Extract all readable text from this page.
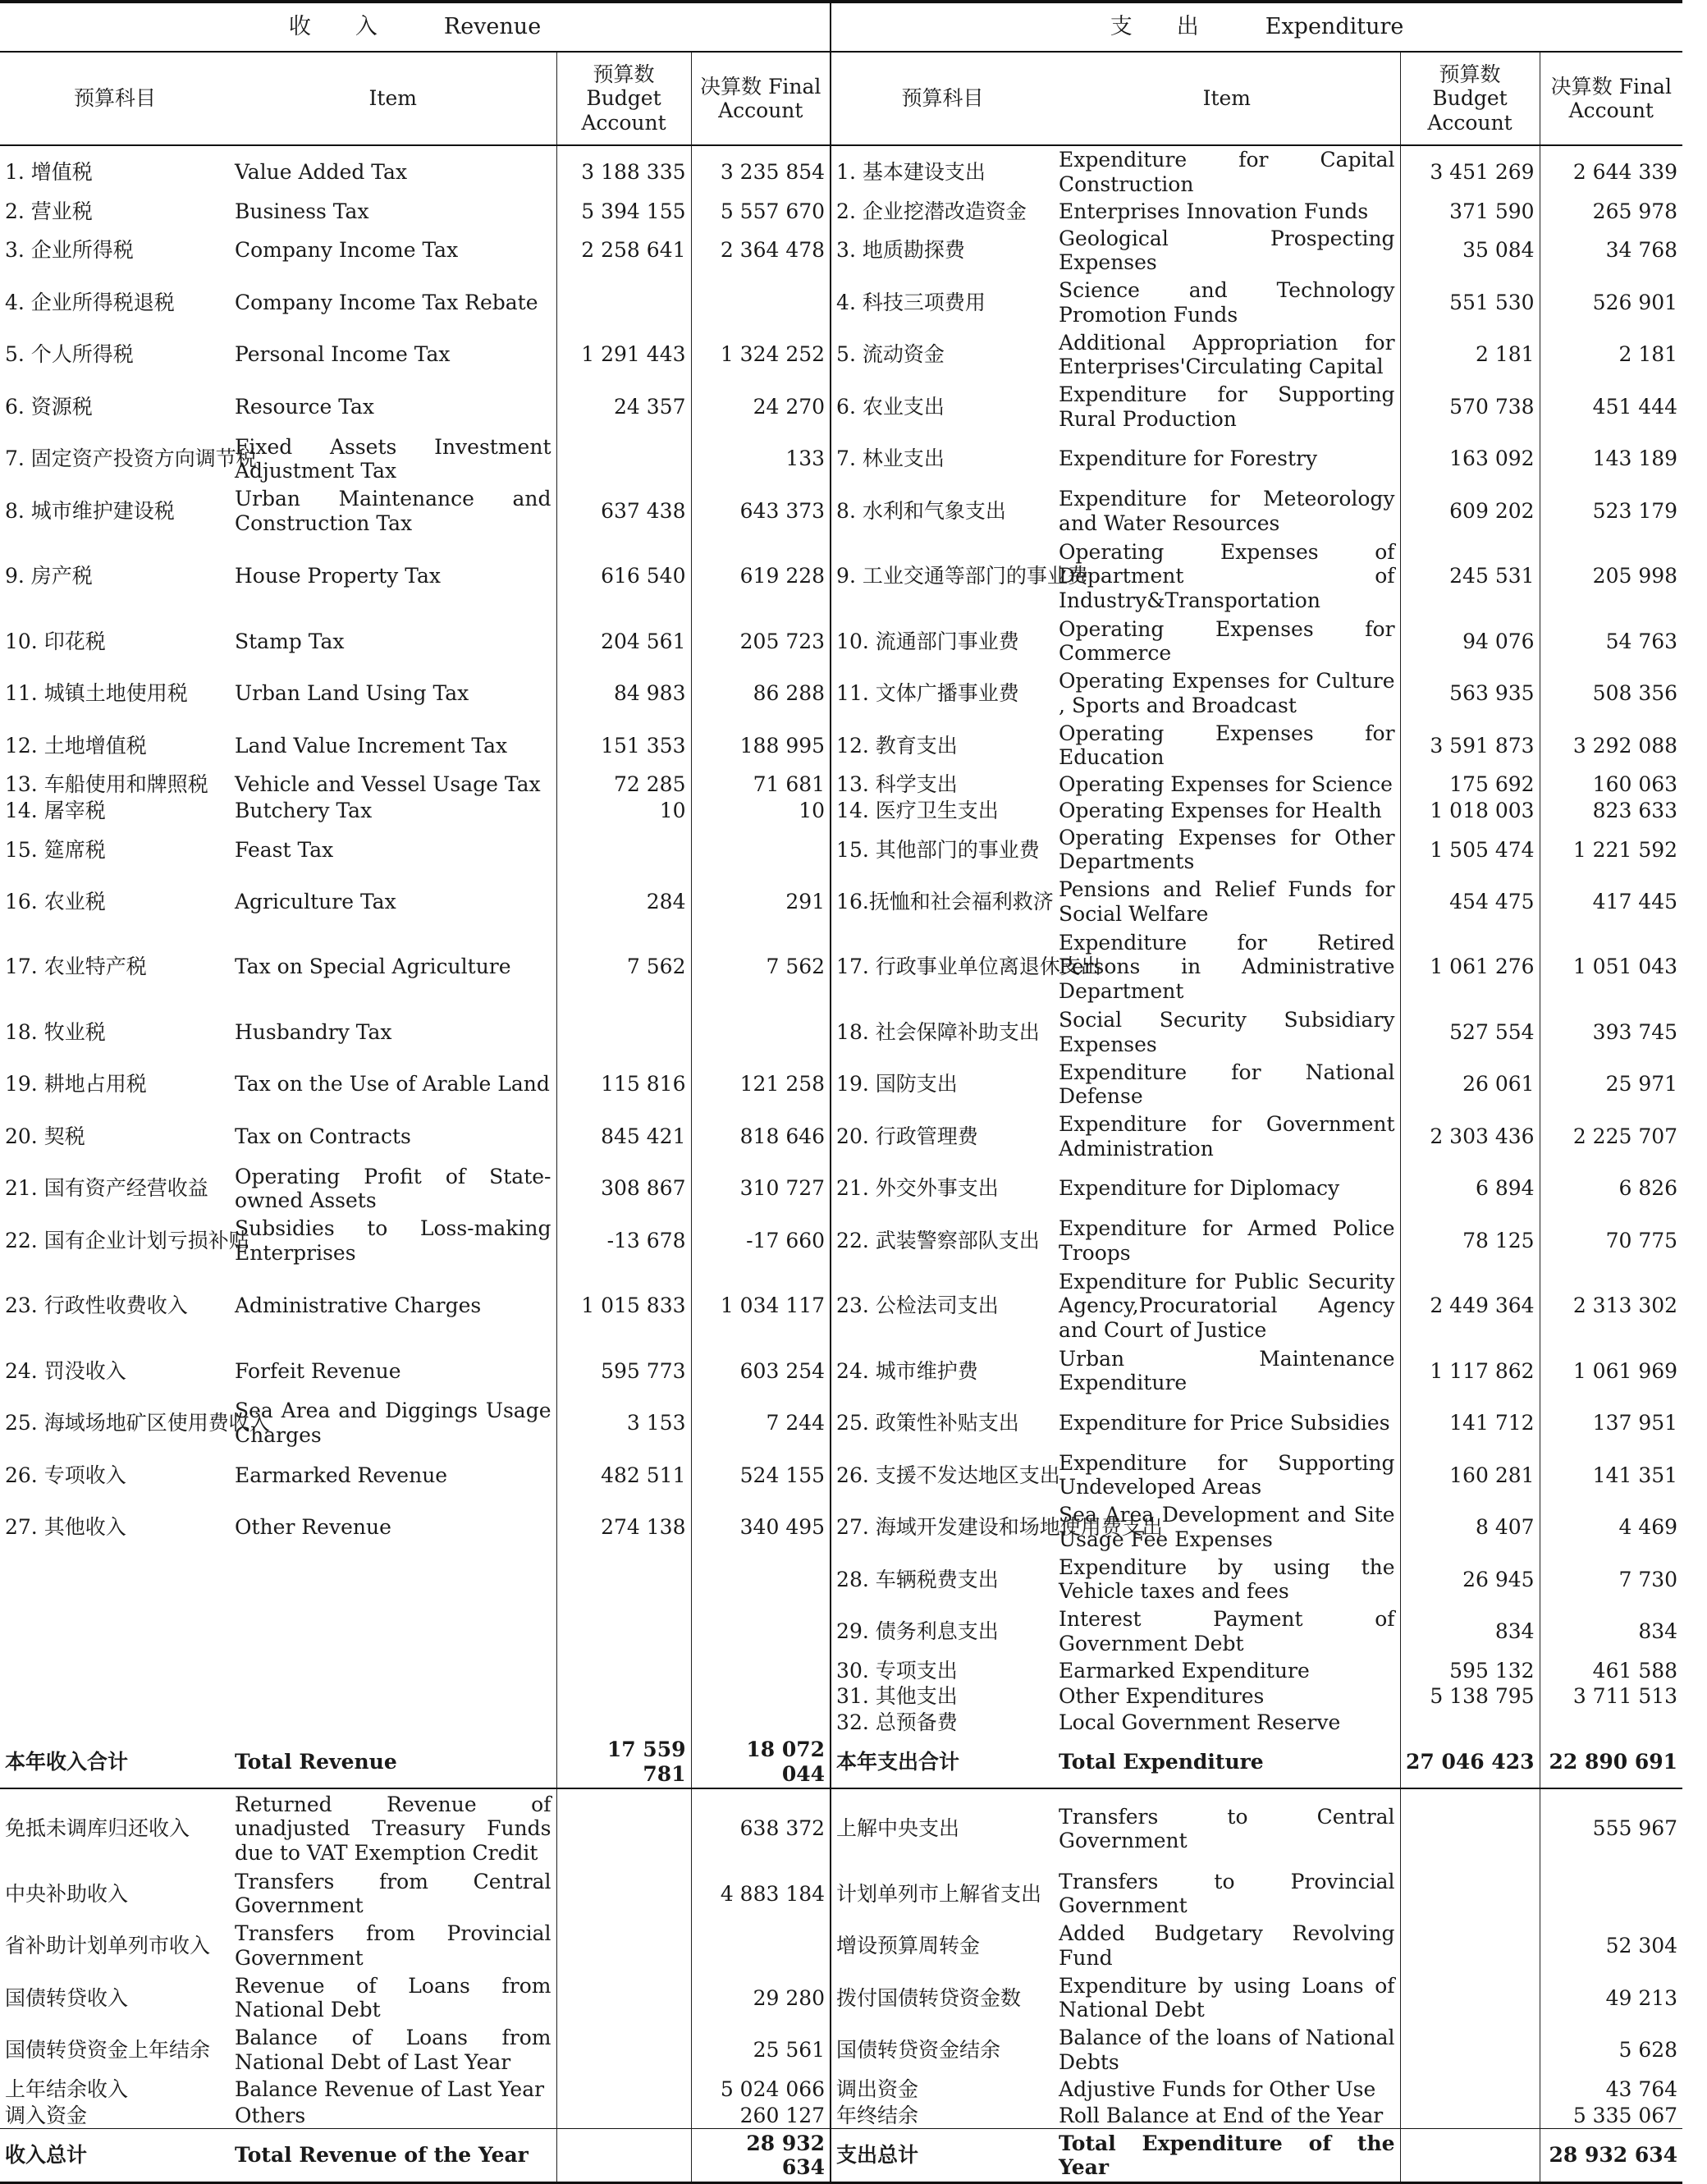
收　　入　　　Revenue				支　　出　　　Expenditure			
预算科目	Item	预算数 Budget Account	决算数 Final Account	预算科目	Item	预算数 Budget Account	决算数 Final Account
1. 增值税	Value Added Tax	3 188 335	3 235 854	1. 基本建设支出	Expenditure for Capital Construction	3 451 269	2 644 339
2. 营业税	Business Tax	5 394 155	5 557 670	2. 企业挖潜改造资金	Enterprises Innovation Funds	371 590	265 978
3. 企业所得税	Company Income Tax	2 258 641	2 364 478	3. 地质勘探费	Geological Prospecting Expenses	35 084	34 768
4. 企业所得税退税	Company Income Tax Rebate			4. 科技三项费用	Science and Technology Promotion Funds	551 530	526 901
5. 个人所得税	Personal Income Tax	1 291 443	1 324 252	5. 流动资金	Additional Appropriation for Enterprises'Circulating Capital	2 181	2 181
6. 资源税	Resource Tax	24 357	24 270	6. 农业支出	Expenditure for Supporting Rural Production	570 738	451 444
7. 固定资产投资方向调节税	Fixed Assets Investment Adjustment Tax		133	7. 林业支出	Expenditure for Forestry	163 092	143 189
8. 城市维护建设税	Urban Maintenance and Construction Tax	637 438	643 373	8. 水利和气象支出	Expenditure for Meteorology and Water Resources	609 202	523 179
9. 房产税	House Property Tax	616 540	619 228	9. 工业交通等部门的事业费	Operating Expenses of Department of Industry&Transportation	245 531	205 998
10. 印花税	Stamp Tax	204 561	205 723	10. 流通部门事业费	Operating Expenses for Commerce	94 076	54 763
11. 城镇土地使用税	Urban Land Using Tax	84 983	86 288	11. 文体广播事业费	Operating Expenses for Culture , Sports and Broadcast	563 935	508 356
12. 土地增值税	Land Value Increment Tax	151 353	188 995	12. 教育支出	Operating Expenses for Education	3 591 873	3 292 088
13. 车船使用和牌照税	Vehicle and Vessel Usage Tax	72 285	71 681	13. 科学支出	Operating Expenses for Science	175 692	160 063
14. 屠宰税	Butchery Tax	10	10	14. 医疗卫生支出	Operating Expenses for Health	1 018 003	823 633
15. 筵席税	Feast Tax			15. 其他部门的事业费	Operating Expenses for Other Departments	1 505 474	1 221 592
16. 农业税	Agriculture Tax	284	291	16.抚恤和社会福利救济	Pensions and Relief Funds for Social Welfare	454 475	417 445
17. 农业特产税	Tax on Special Agriculture	7 562	7 562	17. 行政事业单位离退休支出	Expenditure for Retired Persons in Administrative Department	1 061 276	1 051 043
18. 牧业税	Husbandry Tax			18. 社会保障补助支出	Social Security Subsidiary Expenses	527 554	393 745
19. 耕地占用税	Tax on the Use of Arable Land	115 816	121 258	19. 国防支出	Expenditure for National Defense	26 061	25 971
20. 契税	Tax on Contracts	845 421	818 646	20. 行政管理费	Expenditure for Government Administration	2 303 436	2 225 707
21. 国有资产经营收益	Operating Profit of State-owned Assets	308 867	310 727	21. 外交外事支出	Expenditure for Diplomacy	6 894	6 826
22. 国有企业计划亏损补贴	Subsidies to Loss-making Enterprises	-13 678	-17 660	22. 武装警察部队支出	Expenditure for Armed Police Troops	78 125	70 775
23. 行政性收费收入	Administrative Charges	1 015 833	1 034 117	23. 公检法司支出	Expenditure for Public Security Agency,Procuratorial Agency and Court of Justice	2 449 364	2 313 302
24. 罚没收入	Forfeit Revenue	595 773	603 254	24. 城市维护费	Urban Maintenance Expenditure	1 117 862	1 061 969
25. 海域场地矿区使用费收入	Sea Area and Diggings Usage Charges	3 153	7 244	25. 政策性补贴支出	Expenditure for Price Subsidies	141 712	137 951
26. 专项收入	Earmarked Revenue	482 511	524 155	26. 支援不发达地区支出	Expenditure for Supporting Undeveloped Areas	160 281	141 351
27. 其他收入	Other Revenue	274 138	340 495	27. 海域开发建设和场地使用费支出	Sea Area Development and Site Usage Fee Expenses	8 407	4 469
				28. 车辆税费支出	Expenditure by using the Vehicle taxes and fees	26 945	7 730
				29. 债务利息支出	Interest Payment of Government Debt	834	834
				30. 专项支出	Earmarked Expenditure	595 132	461 588
				31. 其他支出	Other Expenditures	5 138 795	3 711 513
				32. 总预备费	Local Government Reserve		
本年收入合计	Total Revenue	17 559 781	18 072 044	本年支出合计	Total Expenditure	27 046 423	22 890 691
免抵未调库归还收入	Returned Revenue of unadjusted Treasury Funds due to VAT Exemption Credit		638 372	上解中央支出	Transfers to Central Government		555 967
中央补助收入	Transfers from Central Government		4 883 184	计划单列市上解省支出	Transfers to Provincial Government		
省补助计划单列市收入	Transfers from Provincial Government			增设预算周转金	Added Budgetary Revolving Fund		52 304
国债转贷收入	Revenue of Loans from National Debt		29 280	拨付国债转贷资金数	Expenditure by using Loans of National Debt		49 213
国债转贷资金上年结余	Balance of Loans from National Debt of Last Year		25 561	国债转贷资金结余	Balance of the loans of National Debts		5 628
上年结余收入	Balance Revenue of Last Year		5 024 066	调出资金	Adjustive Funds for Other Use		43 764
调入资金	Others		260 127	年终结余	Roll Balance at End of the Year		5 335 067
收入总计	Total Revenue of the Year		28 932 634	支出总计	Total Expenditure of the Year		28 932 634
